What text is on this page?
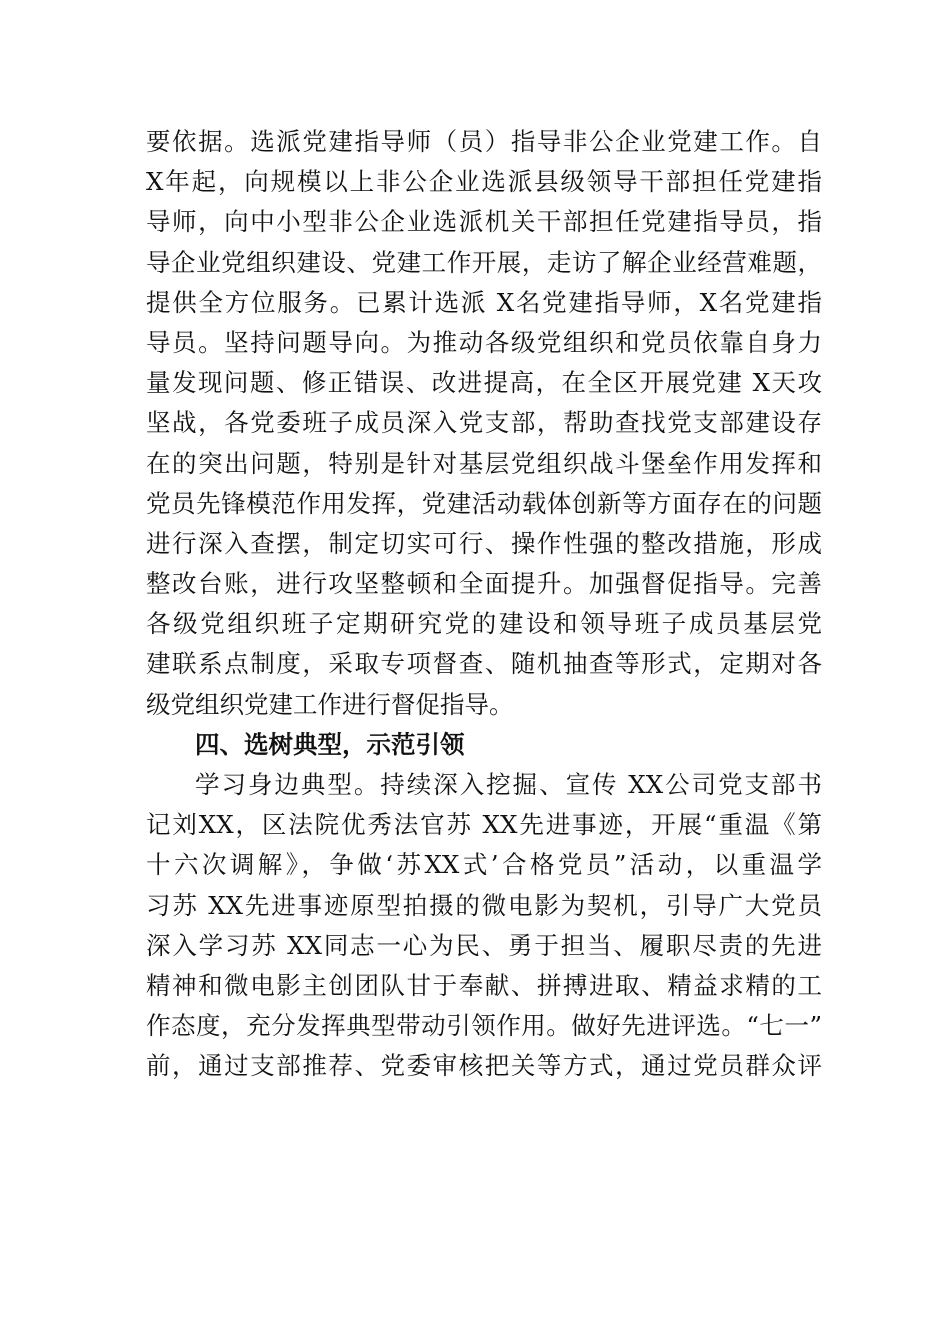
要依据。选派党建指导师（员）指导非公企业党建工作。自
X年起，向规模以上非公企业选派县级领导干部担任党建指
导师，向中小型非公企业选派机关干部担任党建指导员，指
导企业党组织建设、党建工作开展，走访了解企业经营难题，
提供全方位服务。已累计选派 X名党建指导师，X名党建指
导员。坚持问题导向。为推动各级党组织和党员依靠自身力
量发现问题、修正错误、改进提高，在全区开展党建 X天攻
坚战，各党委班子成员深入党支部，帮助查找党支部建设存
在的突出问题，特别是针对基层党组织战斗堡垒作用发挥和
党员先锋模范作用发挥，党建活动载体创新等方面存在的问题
进行深入查摆，制定切实可行、操作性强的整改措施，形成
整改台账，进行攻坚整顿和全面提升。加强督促指导。完善
各级党组织班子定期研究党的建设和领导班子成员基层党
建联系点制度，采取专项督查、随机抽查等形式，定期对各
级党组织党建工作进行督促指导。
四、选树典型，示范引领
学习身边典型。持续深入挖掘、宣传 XX公司党支部书
记刘XX，区法院优秀法官苏 XX先进事迹，开展“重温《第
十六次调解》，争做‘苏XX式’合格党员”活动，以重温学
习苏 XX先进事迹原型拍摄的微电影为契机，引导广大党员
深入学习苏 XX同志一心为民、勇于担当、履职尽责的先进
精神和微电影主创团队甘于奉献、拼搏进取、精益求精的工
作态度，充分发挥典型带动引领作用。做好先进评选。“七一”
前，通过支部推荐、党委审核把关等方式，通过党员群众评
